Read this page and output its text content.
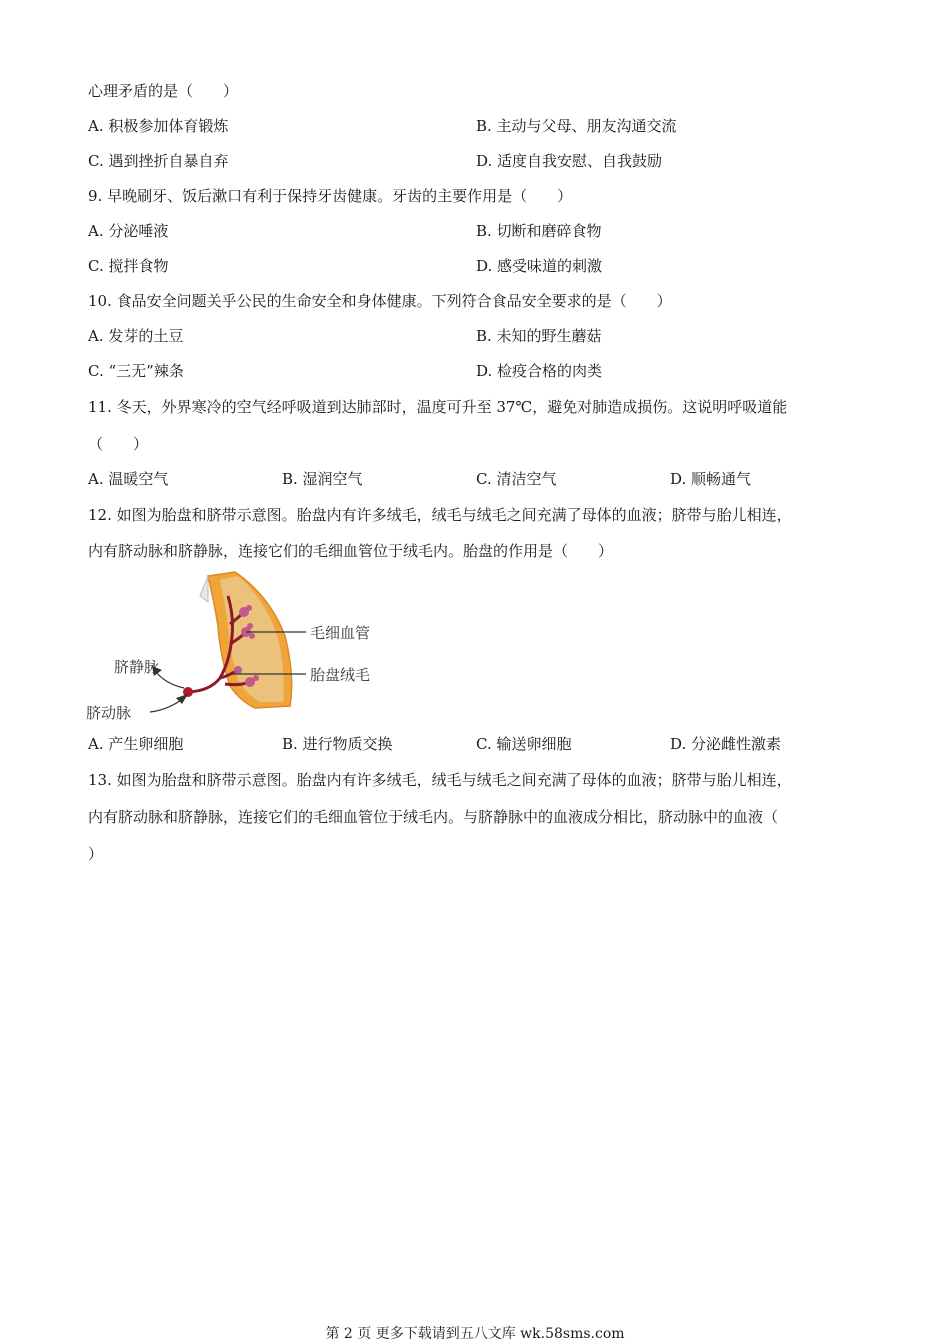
心理矛盾的是（　　）
A. 积极参加体育锻炼	B. 主动与父母、朋友沟通交流
C. 遇到挫折自暴自弃	D. 适度自我安慰、自我鼓励
9. 早晚刷牙、饭后漱口有利于保持牙齿健康。牙齿的主要作用是（　　）
A. 分泌唾液	B. 切断和磨碎食物
C. 搅拌食物	D. 感受味道的刺激
10. 食品安全问题关乎公民的生命安全和身体健康。下列符合食品安全要求的是（　　）
A. 发芽的土豆	B. 未知的野生蘑菇
C. “三无”辣条	D. 检疫合格的肉类
11. 冬天，外界寒冷的空气经呼吸道到达肺部时，温度可升至 37℃，避免对肺造成损伤。这说明呼吸道能
（　　）
A. 温暖空气	B. 湿润空气	C. 清洁空气	D. 顺畅通气
12. 如图为胎盘和脐带示意图。胎盘内有许多绒毛，绒毛与绒毛之间充满了母体的血液；脐带与胎儿相连，
内有脐动脉和脐静脉，连接它们的毛细血管位于绒毛内。胎盘的作用是（　　）
毛细血管
胎盘绒毛
脐静脉
脐动脉
A. 产生卵细胞	B. 进行物质交换	C. 输送卵细胞	D. 分泌雌性激素
13. 如图为胎盘和脐带示意图。胎盘内有许多绒毛，绒毛与绒毛之间充满了母体的血液；脐带与胎儿相连，
内有脐动脉和脐静脉，连接它们的毛细血管位于绒毛内。与脐静脉中的血液成分相比，脐动脉中的血液（
）
第 2 页 更多下载请到五八文库 wk.58sms.com
